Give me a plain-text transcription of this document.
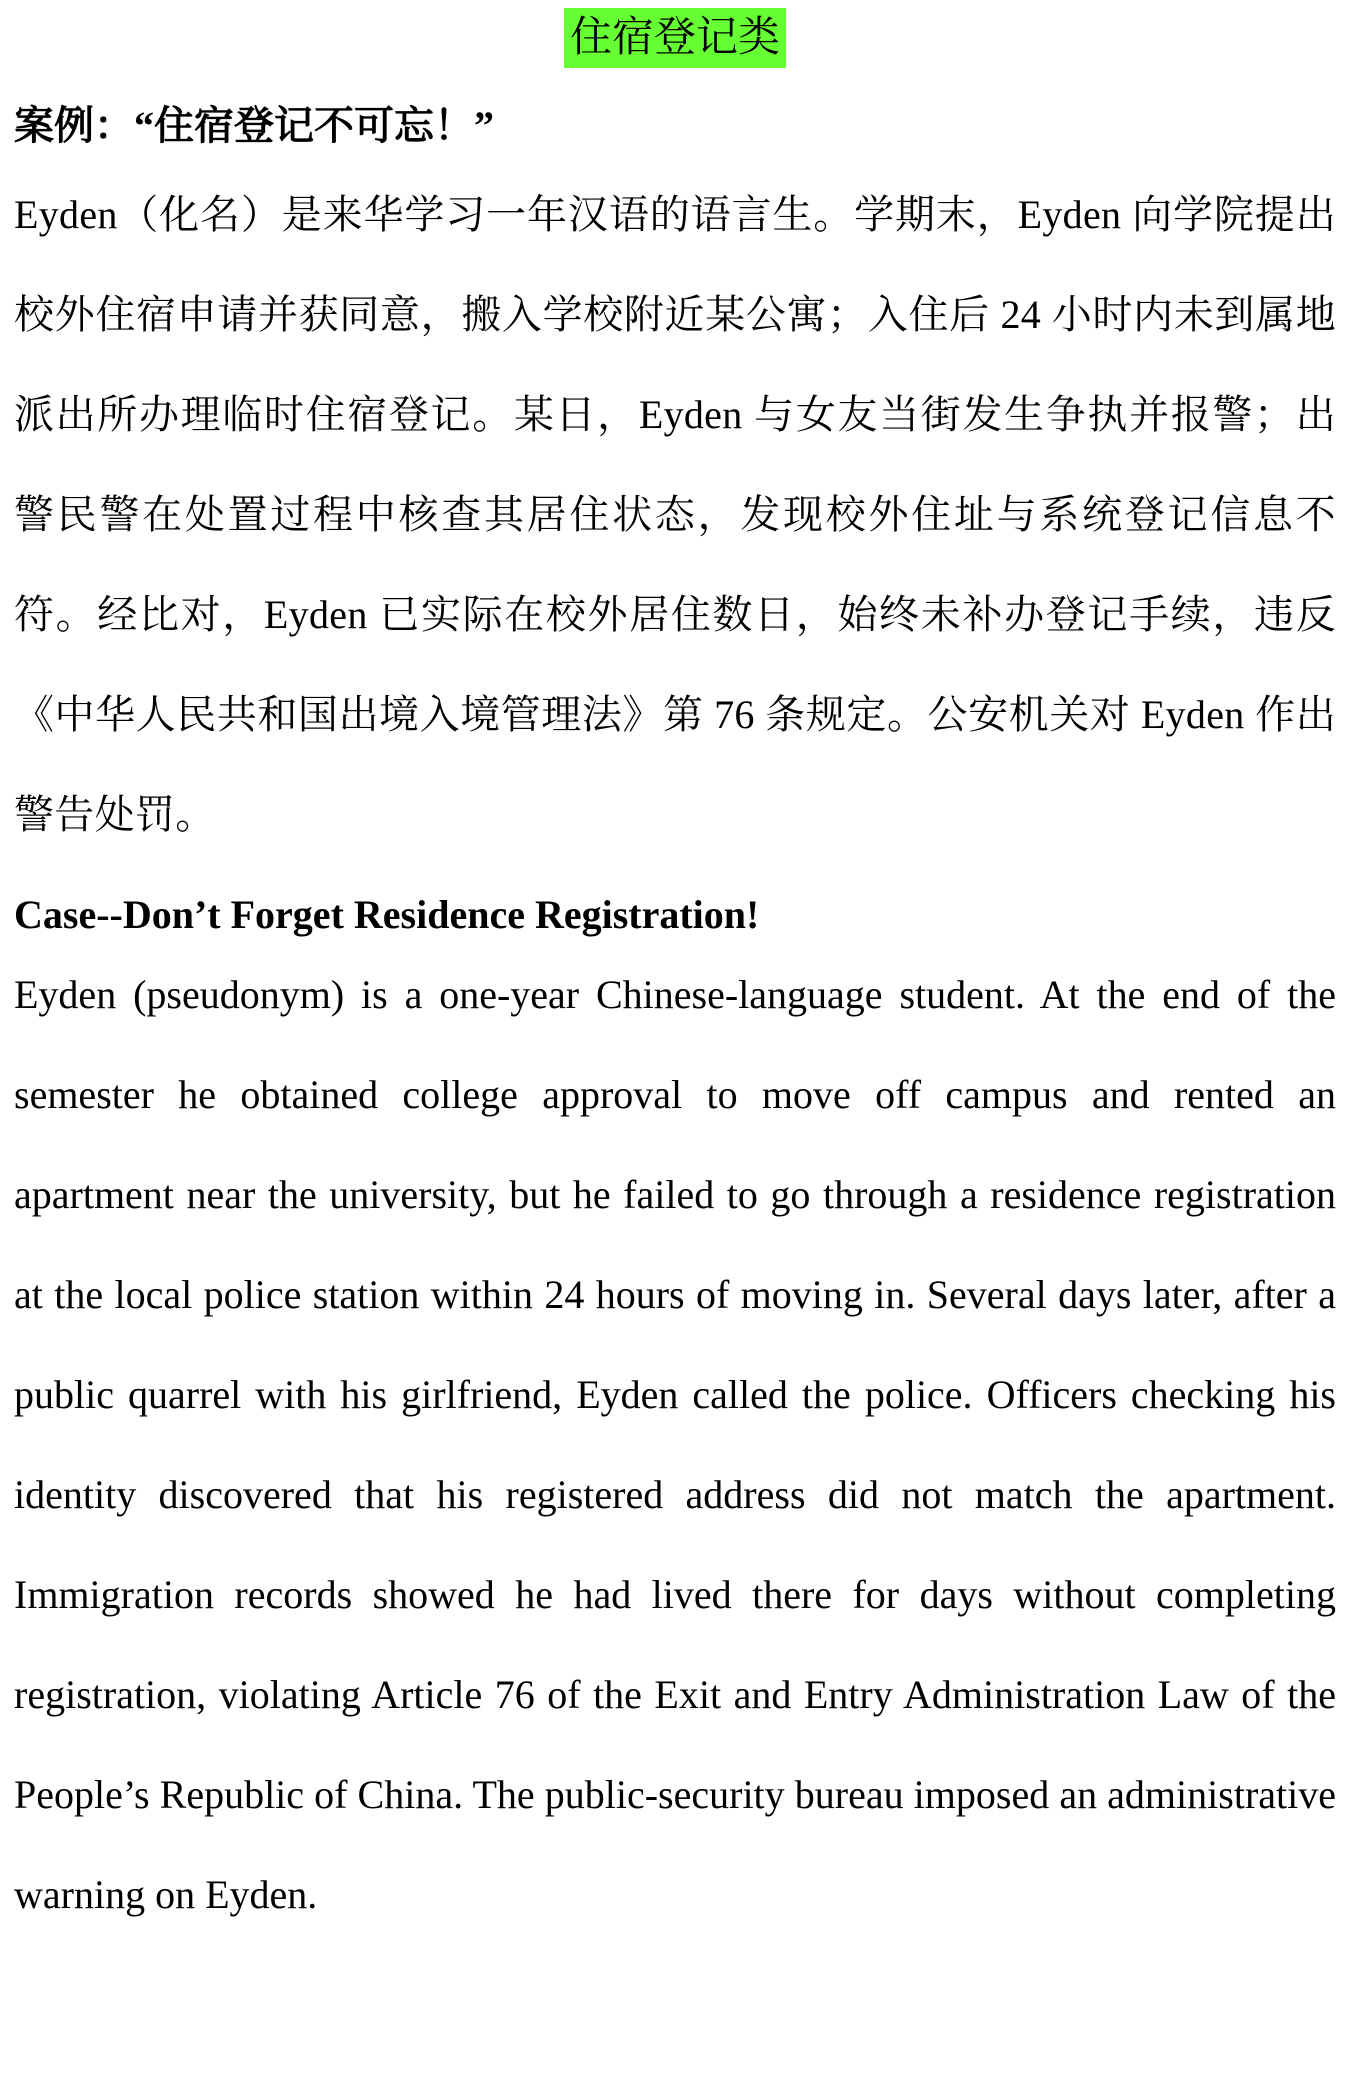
住宿登记类
案例：“住宿登记不可忘！”
Eyden（化名）是来华学习一年汉语的语言生。学期末，Eyden 向学院提出校外住宿申请并获同意，搬入学校附近某公寓；入住后 24 小时内未到属地派出所办理临时住宿登记。某日，Eyden 与女友当街发生争执并报警；出警民警在处置过程中核查其居住状态，发现校外住址与系统登记信息不符。经比对，Eyden 已实际在校外居住数日，始终未补办登记手续，违反《中华人民共和国出境入境管理法》第 76 条规定。公安机关对 Eyden 作出警告处罚。
Case--Don’t Forget Residence Registration!
Eyden (pseudonym) is a one-year Chinese-language student. At the end of the semester he obtained college approval to move off campus and rented an apartment near the university, but he failed to go through a residence registration at the local police station within 24 hours of moving in. Several days later, after a public quarrel with his girlfriend, Eyden called the police. Officers checking his identity discovered that his registered address did not match the apartment. Immigration records showed he had lived there for days without completing registration, violating Article 76 of the Exit and Entry Administration Law of the People’s Republic of China. The public-security bureau imposed an administrative warning on Eyden.
